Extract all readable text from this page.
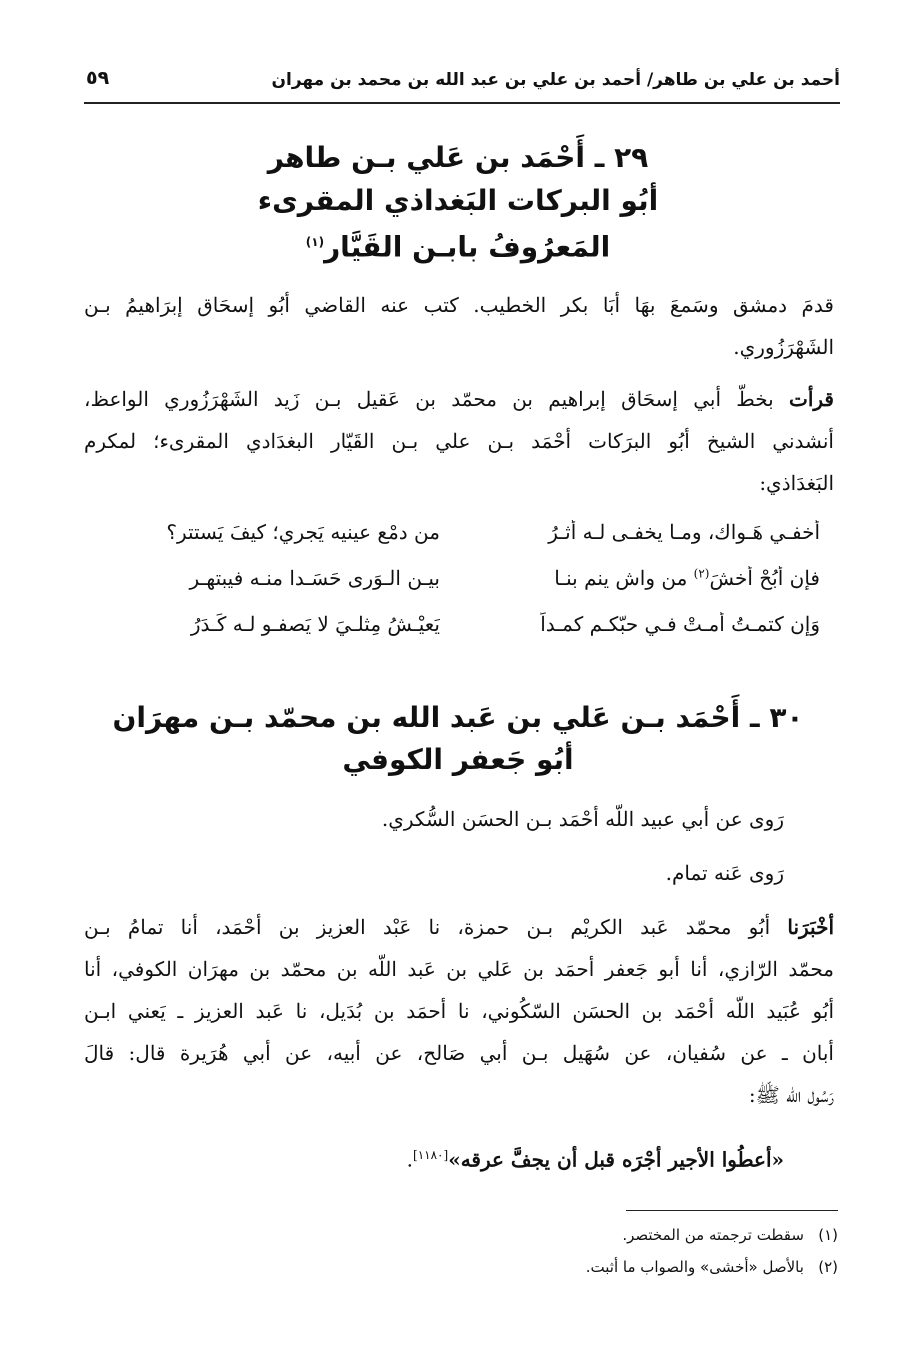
أحمد بن علي بن طاهر/ أحمد بن علي بن عبد الله بن محمد بن مهران
٥٩
٢٩ ـ أَحْمَد بن عَلي بـن طاهر
أبُو البركات البَغداذي المقرىء
المَعرُوفُ بابـن القَيَّار$^{(١)}$
قدمَ دمشق وسَمعَ بهَا أبَا بكر الخطيب. كتب عنه القاضي أبُو إسحَاق إبرَاهيمُ بـن
الشَهْرَزُوري.
قرأت بخطّ أبي إسحَاق إبراهيم بن محمّد بن عَقيل بـن زَيد الشَهْرَزُوري الواعظ،
أنشدني الشيخ أبُو البرَكات أحْمَد بـن علي بـن القَيّار البغدَادي المقرىء؛ لمكرم
البَغدَاذي:
أُخفـي هَـواك، ومـا يخفـى لـه أثـرُ
من دمْع عينيه يَجري؛ كيفَ يَستتر؟
فإن أَبُحْ أخشَ$^{(٢)}$ من واشٍ ينم بنـا
بيـن الـوَرى حَسَـدا منـه فيبتهـر
وَإن كتمـتُ أمـتْ فـي حبّكـم كمـداً
يَعيْـشُ مِثلـيَ لا يَصفـو لـه كَـدَرُ
٣٠ ـ أَحْمَد بـن عَلي بن عَبد الله بن محمّد بـن مهرَان
أبُو جَعفر الكوفي
رَوى عن أبي عبيد اللّه أحْمَد بـن الحسَن السُّكري.
رَوى عَنه تمام.
أخْبَرَنا أبُو محمّد عَبد الكريْم بـن حمزة، نا عَبْد العزيز بن أحْمَد، أنا تمامُ بـن
محمّد الرّازي، أنا أبو جَعفر أحمَد بن عَلي بن عَبد اللّه بن محمّد بن مهرَان الكوفي، أنا
أبُو عُبَيد اللّه أحْمَد بن الحسَن السّكُوني، نا أحمَد بن بُدَيل، نا عَبد العزيز ـ يَعني ابـن
أبان ـ عن سُفيان، عن سُهَيل بـن أبي صَالح، عن أبيه، عن أبي هُرَيرة قال: قالَ
رَسُول الله ﷺ:
«أعطُوا الأجير أجْرَه قبل أن يجفَّ عرقه»[١١٨٠].
(١)   سقطت ترجمته من المختصر.
(٢)   بالأصل «أخشى» والصواب ما أثبت.
